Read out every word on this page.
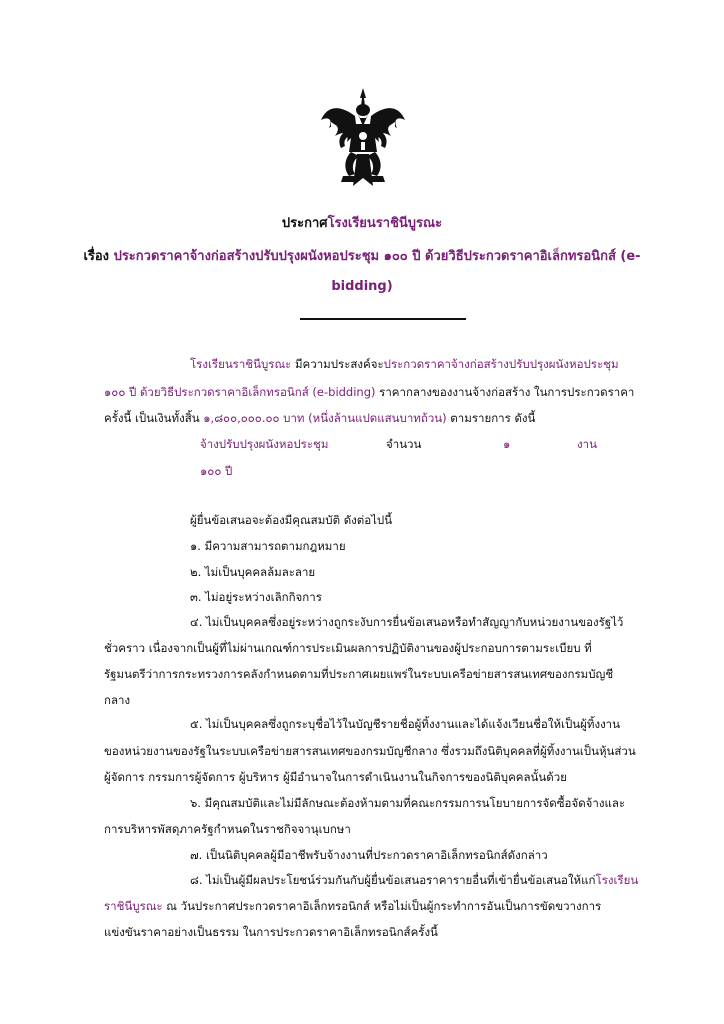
ประกาศโรงเรียนราชินีบูรณะ
เรื่อง ประกวดราคาจ้างก่อสร้างปรับปรุงผนังหอประชุม ๑๐๐ ปี ด้วยวิธีประกวดราคาอิเล็กทรอนิกส์ (e-
bidding)
โรงเรียนราชินีบูรณะ มีความประสงค์จะประกวดราคาจ้างก่อสร้างปรับปรุงผนังหอประชุม
๑๐๐ ปี ด้วยวิธีประกวดราคาอิเล็กทรอนิกส์ (e-bidding) ราคากลางของงานจ้างก่อสร้าง ในการประกวดราคา
ครั้งนี้ เป็นเงินทั้งสิ้น ๑,๘๐๐,๐๐๐.๐๐ บาท (หนึ่งล้านแปดแสนบาทถ้วน) ตามรายการ ดังนี้
จ้างปรับปรุงผนังหอประชุม	จำนวน	๑	งาน
๑๐๐ ปี
ผู้ยื่นข้อเสนอจะต้องมีคุณสมบัติ ดังต่อไปนี้
๑. มีความสามารถตามกฎหมาย
๒. ไม่เป็นบุคคลล้มละลาย
๓. ไม่อยู่ระหว่างเลิกกิจการ
๔. ไม่เป็นบุคคลซึ่งอยู่ระหว่างถูกระงับการยื่นข้อเสนอหรือทำสัญญากับหน่วยงานของรัฐไว้
ชั่วคราว เนื่องจากเป็นผู้ที่ไม่ผ่านเกณฑ์การประเมินผลการปฏิบัติงานของผู้ประกอบการตามระเบียบ ที่
รัฐมนตรีว่าการกระทรวงการคลังกำหนดตามที่ประกาศเผยแพร่ในระบบเครือข่ายสารสนเทศของกรมบัญชี
กลาง
๕. ไม่เป็นบุคคลซึ่งถูกระบุชื่อไว้ในบัญชีรายชื่อผู้ทิ้งงานและได้แจ้งเวียนชื่อให้เป็นผู้ทิ้งงาน
ของหน่วยงานของรัฐในระบบเครือข่ายสารสนเทศของกรมบัญชีกลาง ซึ่งรวมถึงนิติบุคคลที่ผู้ทิ้งงานเป็นหุ้นส่วน
ผู้จัดการ กรรมการผู้จัดการ ผู้บริหาร ผู้มีอำนาจในการดำเนินงานในกิจการของนิติบุคคลนั้นด้วย
๖. มีคุณสมบัติและไม่มีลักษณะต้องห้ามตามที่คณะกรรมการนโยบายการจัดซื้อจัดจ้างและ
การบริหารพัสดุภาครัฐกำหนดในราชกิจจานุเบกษา
๗. เป็นนิติบุคคลผู้มีอาชีพรับจ้างงานที่ประกวดราคาอิเล็กทรอนิกส์ดังกล่าว
๘. ไม่เป็นผู้มีผลประโยชน์ร่วมกันกับผู้ยื่นข้อเสนอราคารายอื่นที่เข้ายื่นข้อเสนอให้แก่โรงเรียน
ราชินีบูรณะ ณ วันประกาศประกวดราคาอิเล็กทรอนิกส์ หรือไม่เป็นผู้กระทำการอันเป็นการขัดขวางการ
แข่งขันราคาอย่างเป็นธรรม ในการประกวดราคาอิเล็กทรอนิกส์ครั้งนี้
